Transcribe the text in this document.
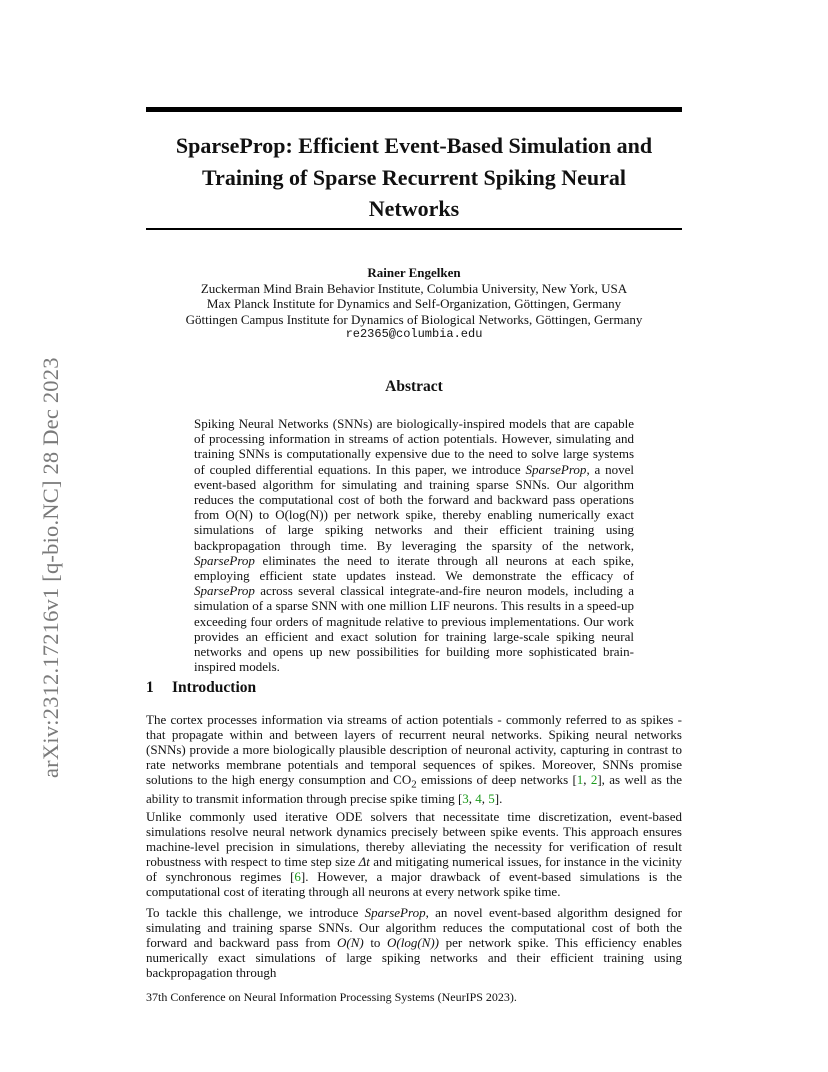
arXiv:2312.17216v1 [q-bio.NC] 28 Dec 2023
SparseProp: Efficient Event-Based Simulation and
Training of Sparse Recurrent Spiking Neural
Networks
Rainer Engelken
Zuckerman Mind Brain Behavior Institute, Columbia University, New York, USA
Max Planck Institute for Dynamics and Self-Organization, Göttingen, Germany
Göttingen Campus Institute for Dynamics of Biological Networks, Göttingen, Germany
re2365@columbia.edu
Abstract

Spiking Neural Networks (SNNs) are biologically-inspired models that are capable of processing information in streams of action potentials. However, simulating and training SNNs is computationally expensive due to the need to solve large systems of coupled differential equations. In this paper, we introduce SparseProp, a novel event-based algorithm for simulating and training sparse SNNs. Our algorithm reduces the computational cost of both the forward and backward pass operations from O(N) to O(log(N)) per network spike, thereby enabling numerically exact simulations of large spiking networks and their efficient training using backpropagation through time. By leveraging the sparsity of the network, SparseProp eliminates the need to iterate through all neurons at each spike, employing efficient state updates instead. We demonstrate the efficacy of SparseProp across several classical integrate-and-fire neuron models, including a simulation of a sparse SNN with one million LIF neurons. This results in a speed-up exceeding four orders of magnitude relative to previous implementations. Our work provides an efficient and exact solution for training large-scale spiking neural networks and opens up new possibilities for building more sophisticated brain-inspired models.

1 Introduction

The cortex processes information via streams of action potentials - commonly referred to as spikes - that propagate within and between layers of recurrent neural networks. Spiking neural networks (SNNs) provide a more biologically plausible description of neuronal activity, capturing in contrast to rate networks membrane potentials and temporal sequences of spikes. Moreover, SNNs promise solutions to the high energy consumption and $CO_2$ emissions of deep networks [1, 2], as well as the ability to transmit information through precise spike timing [3, 4, 5].

Unlike commonly used iterative ODE solvers that necessitate time discretization, event-based simulations resolve neural network dynamics precisely between spike events. This approach ensures machine-level precision in simulations, thereby alleviating the necessity for verification of result robustness with respect to time step size Δt and mitigating numerical issues, for instance in the vicinity of synchronous regimes [6]. However, a major drawback of event-based simulations is the computational cost of iterating through all neurons at every network spike time.

To tackle this challenge, we introduce SparseProp, an novel event-based algorithm designed for simulating and training sparse SNNs. Our algorithm reduces the computational cost of both the forward and backward pass from O(N) to O(log(N)) per network spike. This efficiency enables numerically exact simulations of large spiking networks and their efficient training using backpropagation through

37th Conference on Neural Information Processing Systems (NeurIPS 2023).
